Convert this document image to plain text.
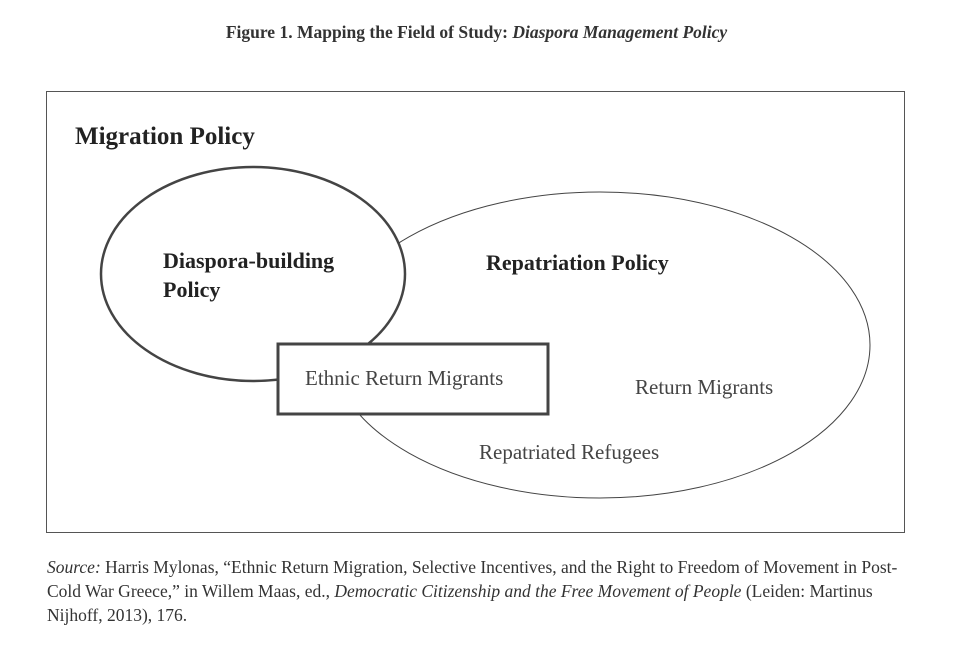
Figure 1. Mapping the Field of Study: Diaspora Management Policy
Migration Policy
Diaspora-building
Policy
Repatriation Policy
Ethnic Return Migrants	Return Migrants
Repatriated Refugees
Source: Harris Mylonas, “Ethnic Return Migration, Selective Incentives, and the Right to Freedom of Movement in Post-Cold War Greece,” in Willem Maas, ed., Democratic Citizenship and the Free Movement of People (Leiden: Martinus Nijhoff, 2013), 176.
